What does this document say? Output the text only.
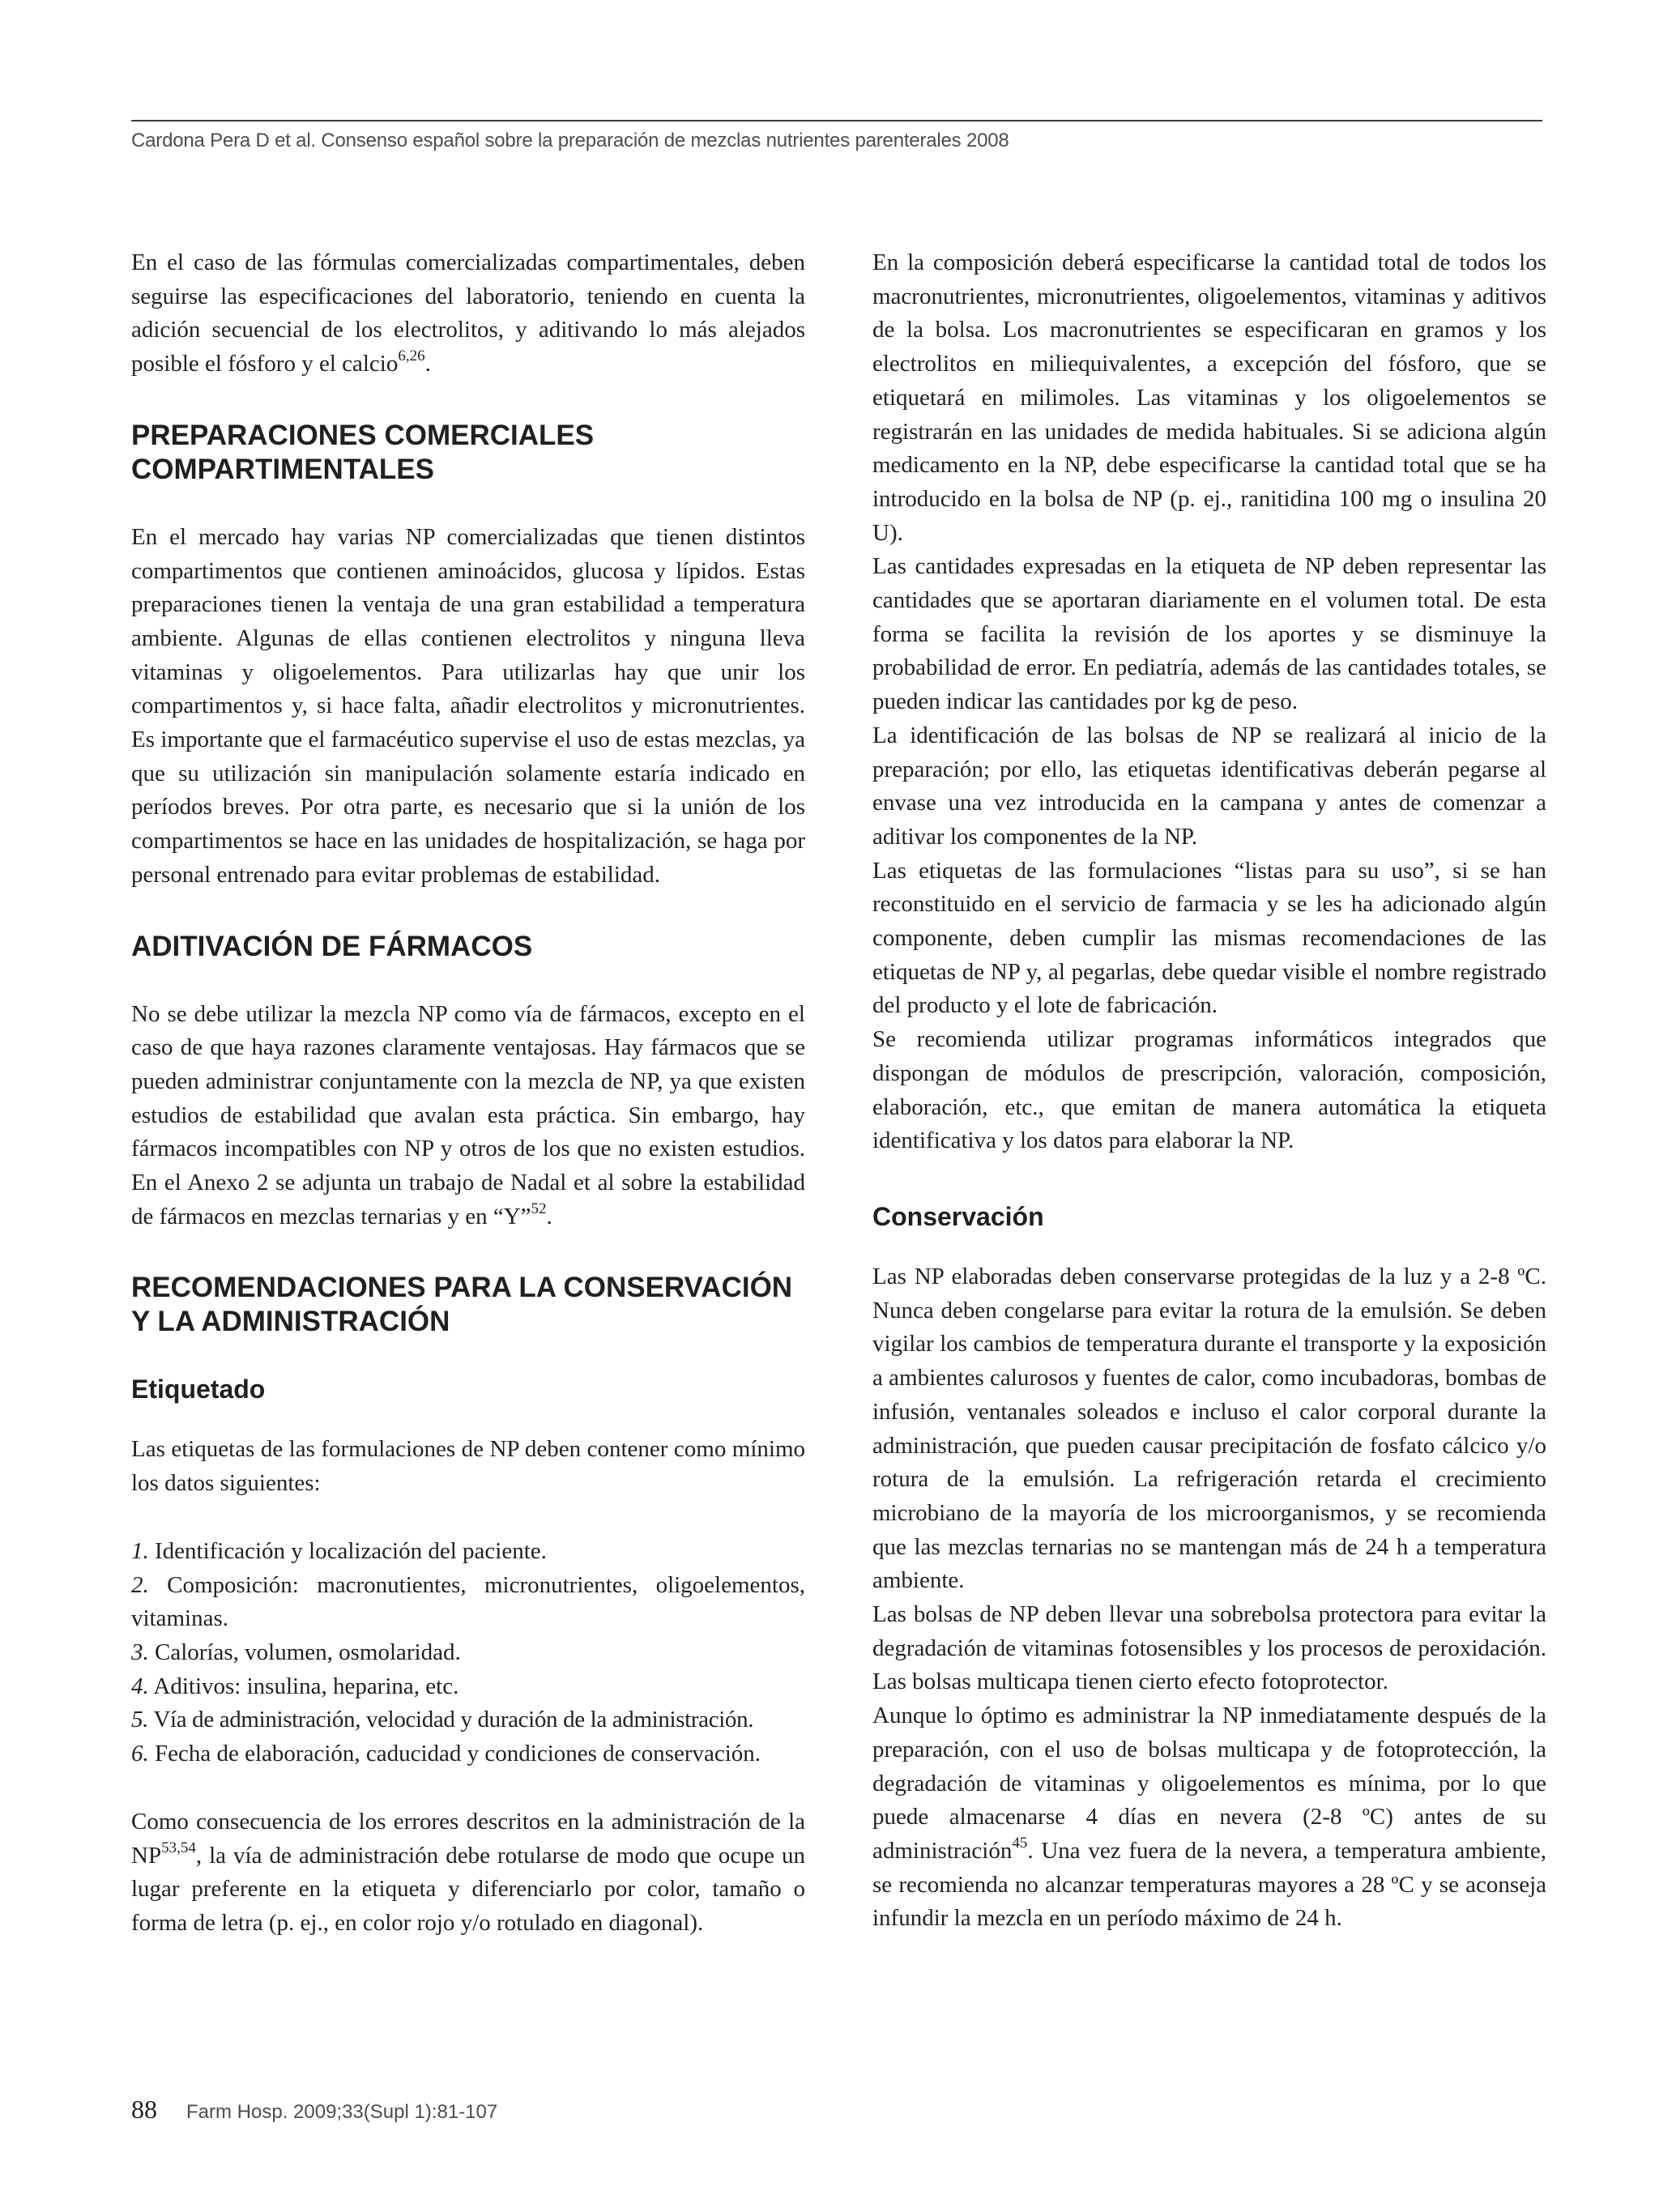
Cardona Pera D et al. Consenso español sobre la preparación de mezclas nutrientes parenterales 2008

En el caso de las fórmulas comercializadas compartimentales, deben seguirse las especificaciones del laboratorio, teniendo en cuenta la adición secuencial de los electrolitos, y aditivando lo más alejados posible el fósforo y el calcio$^{6,26}$.

PREPARACIONES COMERCIALES COMPARTIMENTALES

En el mercado hay varias NP comercializadas que tienen distintos compartimentos que contienen aminoácidos, glucosa y lípidos. Estas preparaciones tienen la ventaja de una gran estabilidad a temperatura ambiente. Algunas de ellas contienen electrolitos y ninguna lleva vitaminas y oligoelementos. Para utilizarlas hay que unir los compartimentos y, si hace falta, añadir electrolitos y micronutrientes. Es importante que el farmacéutico supervise el uso de estas mezclas, ya que su utilización sin manipulación solamente estaría indicado en períodos breves. Por otra parte, es necesario que si la unión de los compartimentos se hace en las unidades de hospitalización, se haga por personal entrenado para evitar problemas de estabilidad.

ADITIVACIÓN DE FÁRMACOS

No se debe utilizar la mezcla NP como vía de fármacos, excepto en el caso de que haya razones claramente ventajosas. Hay fármacos que se pueden administrar conjuntamente con la mezcla de NP, ya que existen estudios de estabilidad que avalan esta práctica. Sin embargo, hay fármacos incompatibles con NP y otros de los que no existen estudios. En el Anexo 2 se adjunta un trabajo de Nadal et al sobre la estabilidad de fármacos en mezclas ternarias y en “Y”$^{52}$.

RECOMENDACIONES PARA LA CONSERVACIÓN Y LA ADMINISTRACIÓN
Etiquetado

Las etiquetas de las formulaciones de NP deben contener como mínimo los datos siguientes:

1. Identificación y localización del paciente.
2. Composición: macronutientes, micronutrientes, oligoelementos, vitaminas.
3. Calorías, volumen, osmolaridad.
4. Aditivos: insulina, heparina, etc.
5. Vía de administración, velocidad y duración de la administración.
6. Fecha de elaboración, caducidad y condiciones de conservación.

Como consecuencia de los errores descritos en la administración de la NP$^{53,54}$, la vía de administración debe rotularse de modo que ocupe un lugar preferente en la etiqueta y diferenciarlo por color, tamaño o forma de letra (p. ej., en color rojo y/o rotulado en diagonal).

En la composición deberá especificarse la cantidad total de todos los macronutrientes, micronutrientes, oligoelementos, vitaminas y aditivos de la bolsa. Los macronutrientes se especificaran en gramos y los electrolitos en miliequivalentes, a excepción del fósforo, que se etiquetará en milimoles. Las vitaminas y los oligoelementos se registrarán en las unidades de medida habituales. Si se adiciona algún medicamento en la NP, debe especificarse la cantidad total que se ha introducido en la bolsa de NP (p. ej., ranitidina 100 mg o insulina 20 U).

Las cantidades expresadas en la etiqueta de NP deben representar las cantidades que se aportaran diariamente en el volumen total. De esta forma se facilita la revisión de los aportes y se disminuye la probabilidad de error. En pediatría, además de las cantidades totales, se pueden indicar las cantidades por kg de peso.

La identificación de las bolsas de NP se realizará al inicio de la preparación; por ello, las etiquetas identificativas deberán pegarse al envase una vez introducida en la campana y antes de comenzar a aditivar los componentes de la NP.

Las etiquetas de las formulaciones “listas para su uso”, si se han reconstituido en el servicio de farmacia y se les ha adicionado algún componente, deben cumplir las mismas recomendaciones de las etiquetas de NP y, al pegarlas, debe quedar visible el nombre registrado del producto y el lote de fabricación.

Se recomienda utilizar programas informáticos integrados que dispongan de módulos de prescripción, valoración, composición, elaboración, etc., que emitan de manera automática la etiqueta identificativa y los datos para elaborar la NP.

Conservación

Las NP elaboradas deben conservarse protegidas de la luz y a 2-8 ºC. Nunca deben congelarse para evitar la rotura de la emulsión. Se deben vigilar los cambios de temperatura durante el transporte y la exposición a ambientes calurosos y fuentes de calor, como incubadoras, bombas de infusión, ventanales soleados e incluso el calor corporal durante la administración, que pueden causar precipitación de fosfato cálcico y/o rotura de la emulsión. La refrigeración retarda el crecimiento microbiano de la mayoría de los microorganismos, y se recomienda que las mezclas ternarias no se mantengan más de 24 h a temperatura ambiente.

Las bolsas de NP deben llevar una sobrebolsa protectora para evitar la degradación de vitaminas fotosensibles y los procesos de peroxidación. Las bolsas multicapa tienen cierto efecto fotoprotector.

Aunque lo óptimo es administrar la NP inmediatamente después de la preparación, con el uso de bolsas multicapa y de fotoprotección, la degradación de vitaminas y oligoelementos es mínima, por lo que puede almacenarse 4 días en nevera (2-8 ºC) antes de su administración$^{45}$. Una vez fuera de la nevera, a temperatura ambiente, se recomienda no alcanzar temperaturas mayores a 28 ºC y se aconseja infundir la mezcla en un período máximo de 24 h.

88 Farm Hosp. 2009;33(Supl 1):81-107
